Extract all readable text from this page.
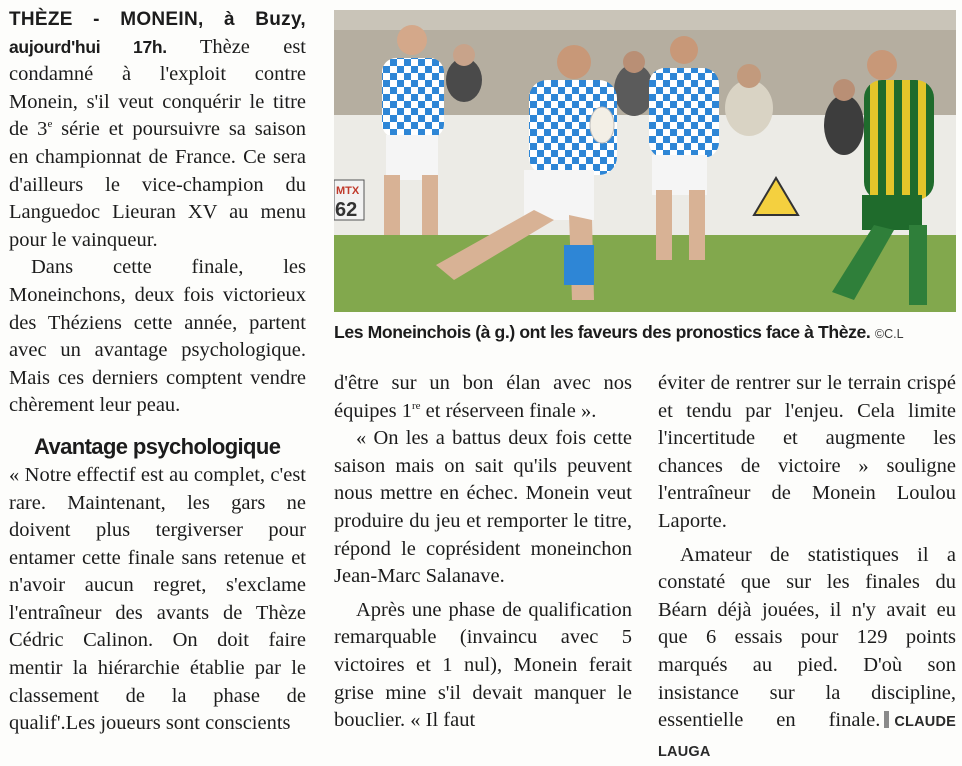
THÈZE - MONEIN, à Buzy, aujourd'hui 17h. Thèze est condamné à l'exploit contre Monein, s'il veut conquérir le titre de 3e série et poursuivre sa saison en championnat de France. Ce sera d'ailleurs le vice-champion du Languedoc Lieuran XV au menu pour le vainqueur.

Dans cette finale, les Moneinchons, deux fois victorieux des Théziens cette année, partent avec un avantage psychologique. Mais ces derniers comptent vendre chèrement leur peau.

Avantage psychologique

« Notre effectif est au complet, c'est rare. Maintenant, les gars ne doivent plus tergiverser pour entamer cette finale sans retenue et n'avoir aucun regret, s'exclame l'entraîneur des avants de Thèze Cédric Calinon. On doit faire mentir la hiérarchie établie par le classement de la phase de qualif'.Les joueurs sont conscients

MTX
62
Les Moneinchois (à g.) ont les faveurs des pronostics face à Thèze. ©C.L

d'être sur un bon élan avec nos équipes 1re et réserveen finale ».

« On les a battus deux fois cette saison mais on sait qu'ils peuvent nous mettre en échec. Monein veut produire du jeu et remporter le titre, répond le coprésident moneinchon Jean-Marc Salanave.

Après une phase de qualification remarquable (invaincu avec 5 victoires et 1 nul), Monein ferait grise mine s'il devait manquer le bouclier. « Il faut

éviter de rentrer sur le terrain crispé et tendu par l'enjeu. Cela limite l'incertitude et augmente les chances de victoire » souligne l'entraîneur de Monein Loulou Laporte.

Amateur de statistiques il a constaté que sur les finales du Béarn déjà jouées, il n'y avait eu que 6 essais pour 129 points marqués au pied. D'où son insistance sur la discipline, essentielle en finale. CLAUDE LAUGA
